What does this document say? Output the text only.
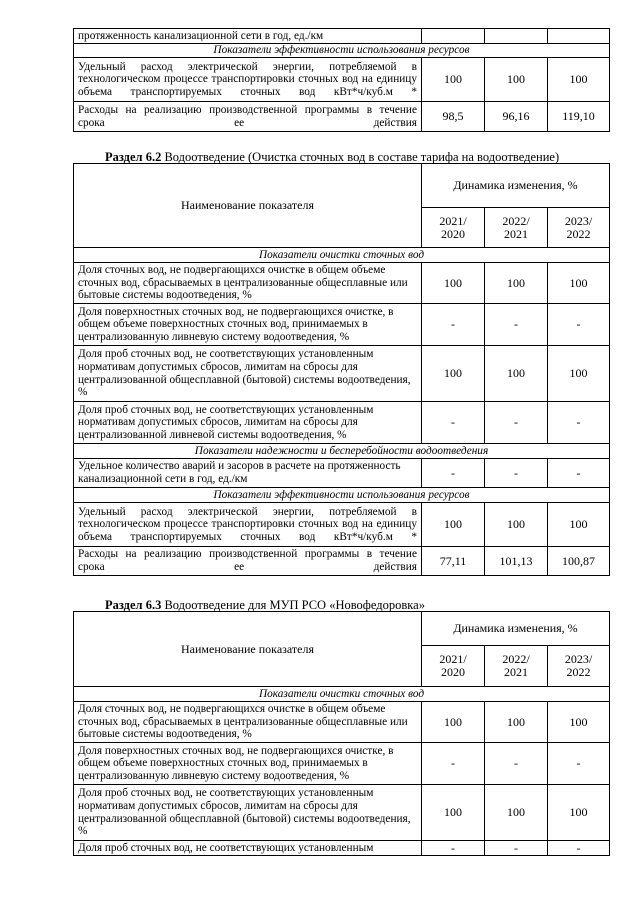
протяженность канализационной сети в год, ед./км			
Показатели эффективности использования ресурсов			
Удельный расход электрической энергии, потребляемой в технологическом процессе транспортировки сточных вод на единицу объема транспортируемых сточных вод кВт*ч/куб.м *	100	100	100
Расходы на реализацию производственной программы в течение срока ее действия	98,5	96,16	119,10
Раздел 6.2 Водоотведение (Очистка сточных вод в составе тарифа на водоотведение)
Наименование показателя	Динамика изменения, %		
	2021/ 2020	2022/ 2021	2023/ 2022
Показатели очистки сточных вод			
Доля сточных вод, не подвергающихся очистке в общем объеме сточных вод, сбрасываемых в централизованные общесплавные или бытовые системы водоотведения, %	100	100	100
Доля поверхностных сточных вод, не подвергающихся очистке, в общем объеме поверхностных сточных вод, принимаемых в централизованную ливневую систему водоотведения, %	-	-	-
Доля проб сточных вод, не соответствующих установленным нормативам допустимых сбросов, лимитам на сбросы для централизованной общесплавной (бытовой) системы водоотведения, %	100	100	100
Доля проб сточных вод, не соответствующих установленным нормативам допустимых сбросов, лимитам на сбросы для централизованной ливневой системы водоотведения, %	-	-	-
Показатели надежности и бесперебойности водоотведения			
Удельное количество аварий и засоров в расчете на протяженность канализационной сети в год, ед./км	-	-	-
Показатели эффективности использования ресурсов			
Удельный расход электрической энергии, потребляемой в технологическом процессе транспортировки сточных вод на единицу объема транспортируемых сточных вод кВт*ч/куб.м *	100	100	100
Расходы на реализацию производственной программы в течение срока ее действия	77,11	101,13	100,87
Раздел 6.3 Водоотведение для МУП РСО «Новофедоровка»
Наименование показателя	Динамика изменения, %		
	2021/ 2020	2022/ 2021	2023/ 2022
Показатели очистки сточных вод			
Доля сточных вод, не подвергающихся очистке в общем объеме сточных вод, сбрасываемых в централизованные общесплавные или бытовые системы водоотведения, %	100	100	100
Доля поверхностных сточных вод, не подвергающихся очистке, в общем объеме поверхностных сточных вод, принимаемых в централизованную ливневую систему водоотведения, %	-	-	-
Доля проб сточных вод, не соответствующих установленным нормативам допустимых сбросов, лимитам на сбросы для централизованной общесплавной (бытовой) системы водоотведения, %	100	100	100
Доля проб сточных вод, не соответствующих установленным	-	-	-
